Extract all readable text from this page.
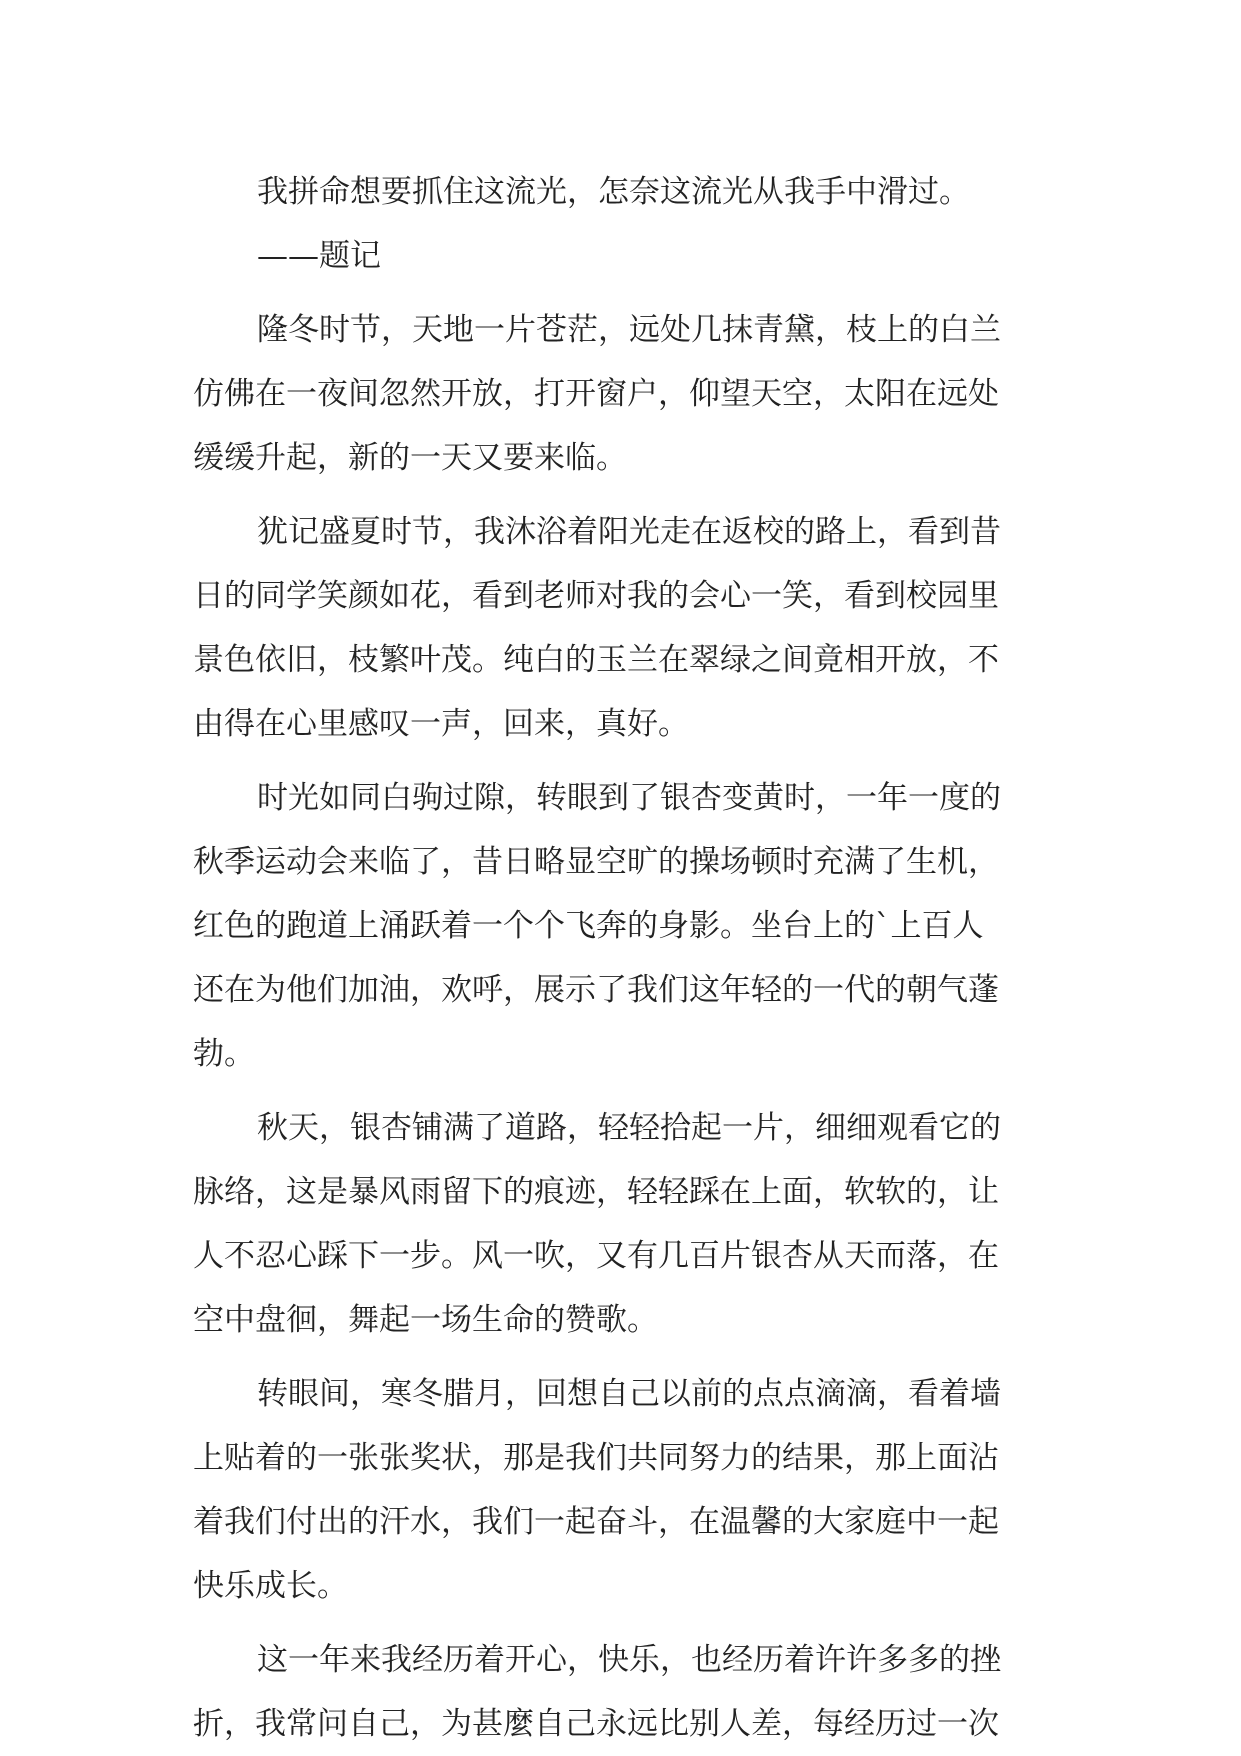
我拼命想要抓住这流光，怎奈这流光从我手中滑过。
——题记
隆冬时节，天地一片苍茫，远处几抹青黛，枝上的白兰
仿佛在一夜间忽然开放，打开窗户，仰望天空，太阳在远处
缓缓升起，新的一天又要来临。
犹记盛夏时节，我沐浴着阳光走在返校的路上，看到昔
日的同学笑颜如花，看到老师对我的会心一笑，看到校园里
景色依旧，枝繁叶茂。纯白的玉兰在翠绿之间竟相开放，不
由得在心里感叹一声，回来，真好。
时光如同白驹过隙，转眼到了银杏变黄时，一年一度的
秋季运动会来临了，昔日略显空旷的操场顿时充满了生机，
红色的跑道上涌跃着一个个飞奔的身影。坐台上的`上百人
还在为他们加油，欢呼，展示了我们这年轻的一代的朝气蓬
勃。
秋天，银杏铺满了道路，轻轻拾起一片，细细观看它的
脉络，这是暴风雨留下的痕迹，轻轻踩在上面，软软的，让
人不忍心踩下一步。风一吹，又有几百片银杏从天而落，在
空中盘徊，舞起一场生命的赞歌。
转眼间，寒冬腊月，回想自己以前的点点滴滴，看着墙
上贴着的一张张奖状，那是我们共同努力的结果，那上面沾
着我们付出的汗水，我们一起奋斗，在温馨的大家庭中一起
快乐成长。
这一年来我经历着开心，快乐，也经历着许许多多的挫
折，我常问自己，为甚麼自己永远比别人差，每经历过一次
